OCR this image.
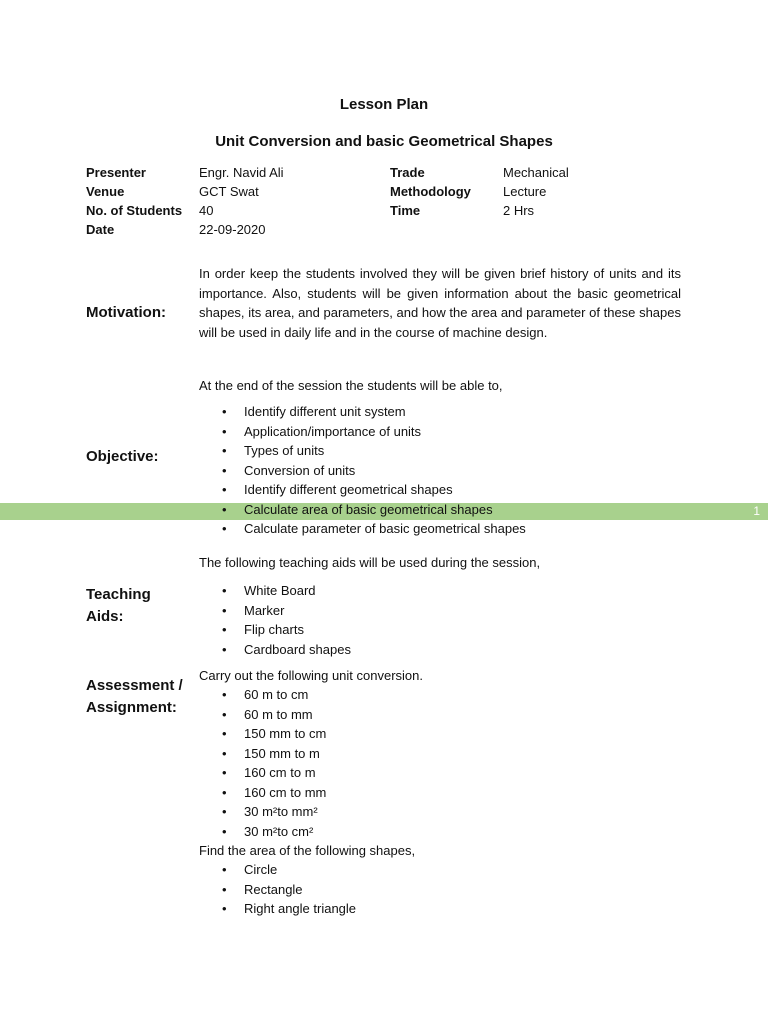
Lesson Plan
Unit Conversion and basic Geometrical Shapes
Presenter	Engr. Navid Ali	Trade	Mechanical
Venue	GCT Swat	Methodology Lecture
No. of Students 40	Time	2 Hrs
Date	22-09-2020
Motivation:
In order keep the students involved they will be given brief history of units and its importance. Also, students will be given information about the basic geometrical shapes, its area, and parameters, and how the area and parameter of these shapes will be used in daily life and in the course of machine design.
At the end of the session the students will be able to,
1
Objective:
• Identify different unit system
• Application/importance of units
• Types of units
• Conversion of units
• Identify different geometrical shapes
• Calculate area of basic geometrical shapes
• Calculate parameter of basic geometrical shapes
The following teaching aids will be used during the session,
Teaching
Aids:
• White Board
• Marker
• Flip charts
• Cardboard shapes
Assessment /
Assignment:
Carry out the following unit conversion.
• 60 m to cm
• 60 m to mm
• 150 mm to cm
• 150 mm to m
• 160 cm to m
• 160 cm to mm
• 30 m²to mm²
• 30 m²to cm²
Find the area of the following shapes,
• Circle
• Rectangle
• Right angle triangle
